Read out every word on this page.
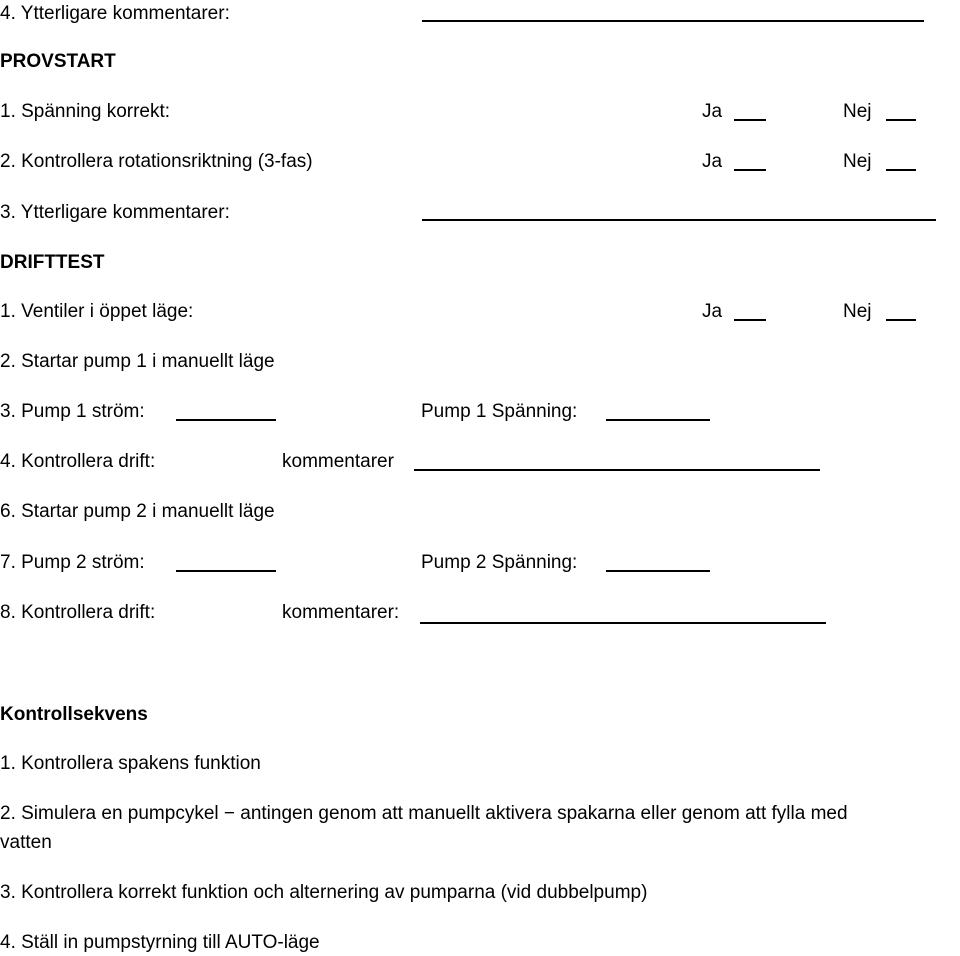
4. Ytterligare kommentarer:
PROVSTART
1. Spänning korrekt:	Ja	Nej
2. Kontrollera rotationsriktning (3-fas)	Ja	Nej
3. Ytterligare kommentarer:
DRIFTTEST
1. Ventiler i öppet läge:	Ja	Nej
2. Startar pump 1 i manuellt läge
3. Pump 1 ström:	Pump 1 Spänning:
4. Kontrollera drift:	kommentarer
6. Startar pump 2 i manuellt läge
7. Pump 2 ström:	Pump 2 Spänning:
8. Kontrollera drift:	kommentarer:
Kontrollsekvens
1. Kontrollera spakens funktion
2. Simulera en pumpcykel − antingen genom att manuellt aktivera spakarna eller genom att fylla med
vatten
3. Kontrollera korrekt funktion och alternering av pumparna (vid dubbelpump)
4. Ställ in pumpstyrning till AUTO-läge
